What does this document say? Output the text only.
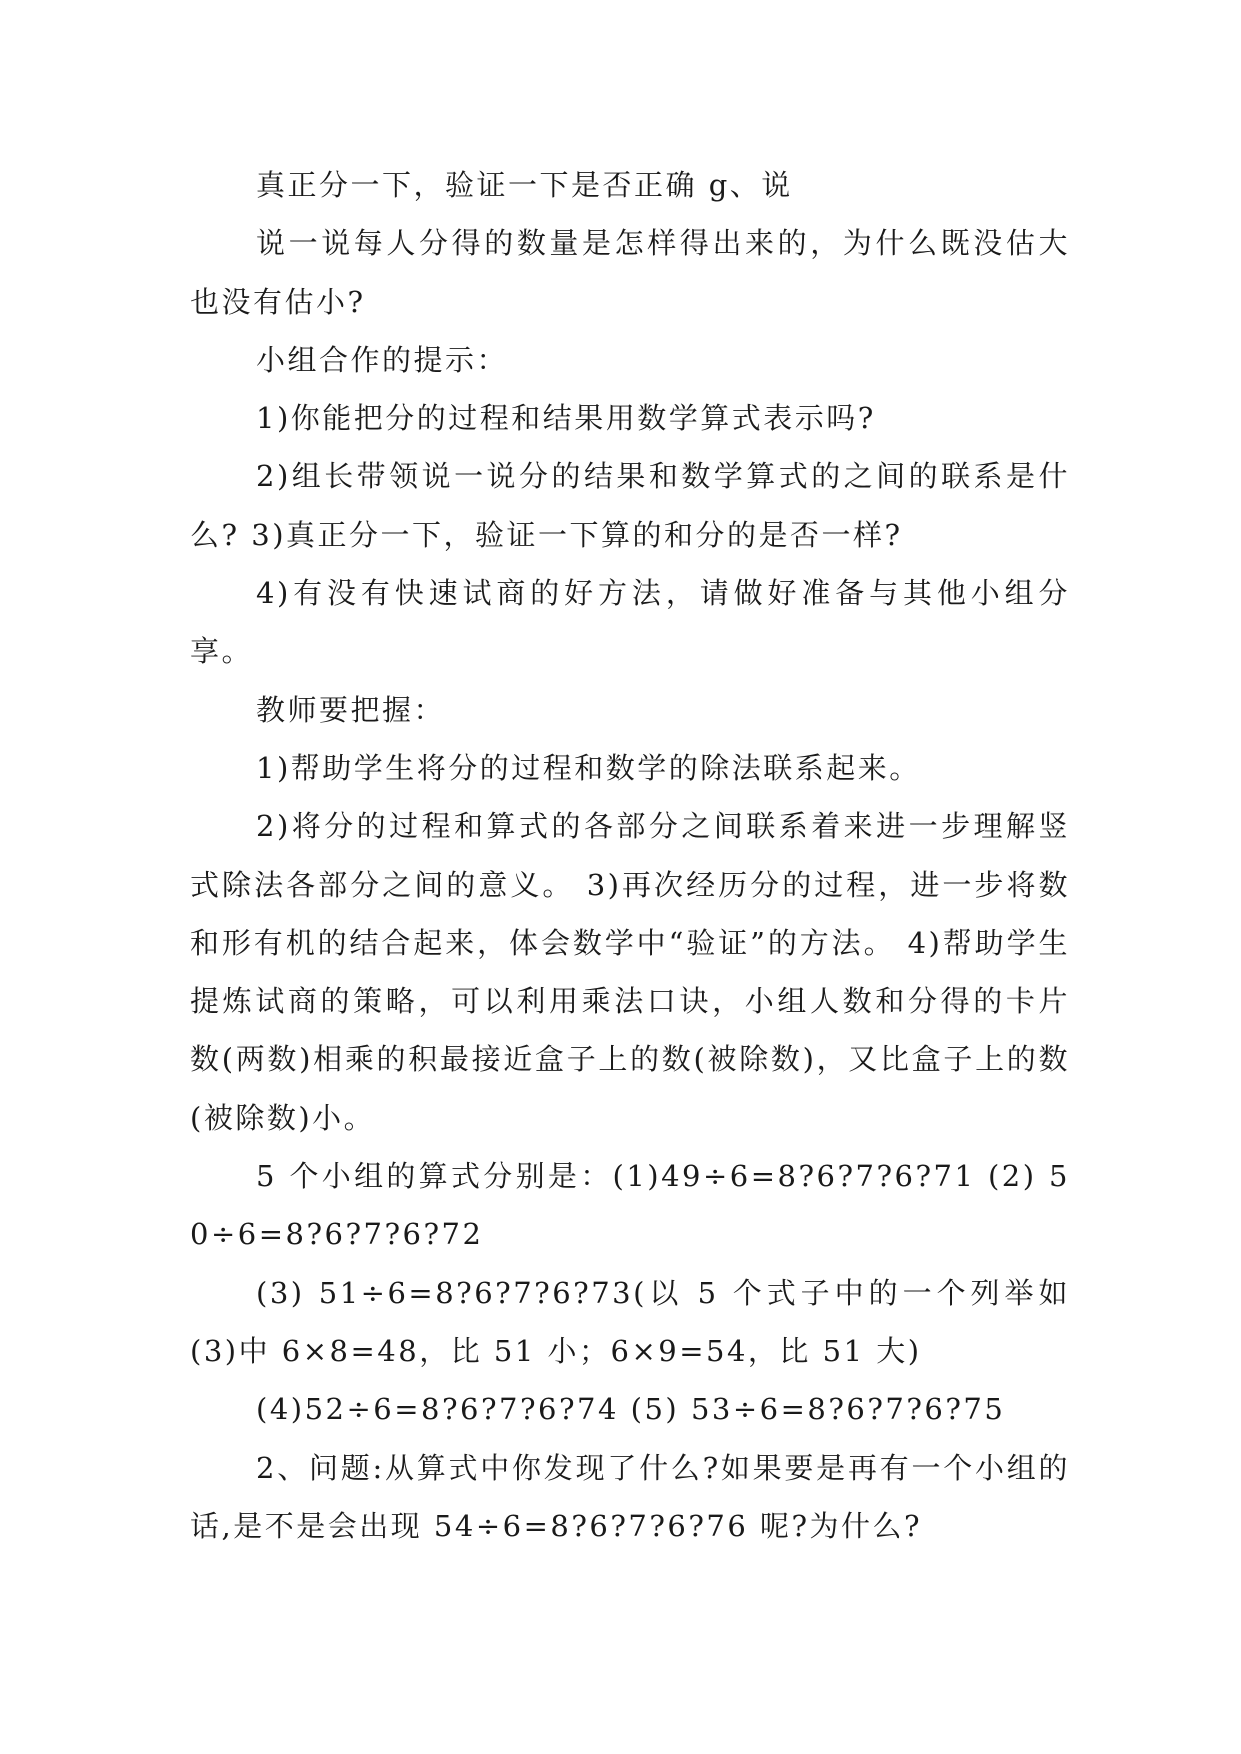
真正分一下，验证一下是否正确 g、说

说一说每人分得的数量是怎样得出来的，为什么既没估大也没有估小?

小组合作的提示：

1)你能把分的过程和结果用数学算式表示吗?

2)组长带领说一说分的结果和数学算式的之间的联系是什么? 3)真正分一下，验证一下算的和分的是否一样?

4)有没有快速试商的好方法，请做好准备与其他小组分享。

教师要把握：

1)帮助学生将分的过程和数学的除法联系起来。

2)将分的过程和算式的各部分之间联系着来进一步理解竖式除法各部分之间的意义。 3)再次经历分的过程，进一步将数和形有机的结合起来，体会数学中“验证”的方法。 4)帮助学生提炼试商的策略，可以利用乘法口诀，小组人数和分得的卡片数(两数)相乘的积最接近盒子上的数(被除数)，又比盒子上的数(被除数)小。

5 个小组的算式分别是：(1)49÷6=8?6?7?6?71 (2) 50÷6=8?6?7?6?72

(3) 51÷6=8?6?7?6?73(以 5 个式子中的一个列举如(3)中 6×8=48，比 51 小；6×9=54，比 51 大)

(4)52÷6=8?6?7?6?74 (5) 53÷6=8?6?7?6?75

2、问题:从算式中你发现了什么?如果要是再有一个小组的话,是不是会出现 54÷6=8?6?7?6?76 呢?为什么?
